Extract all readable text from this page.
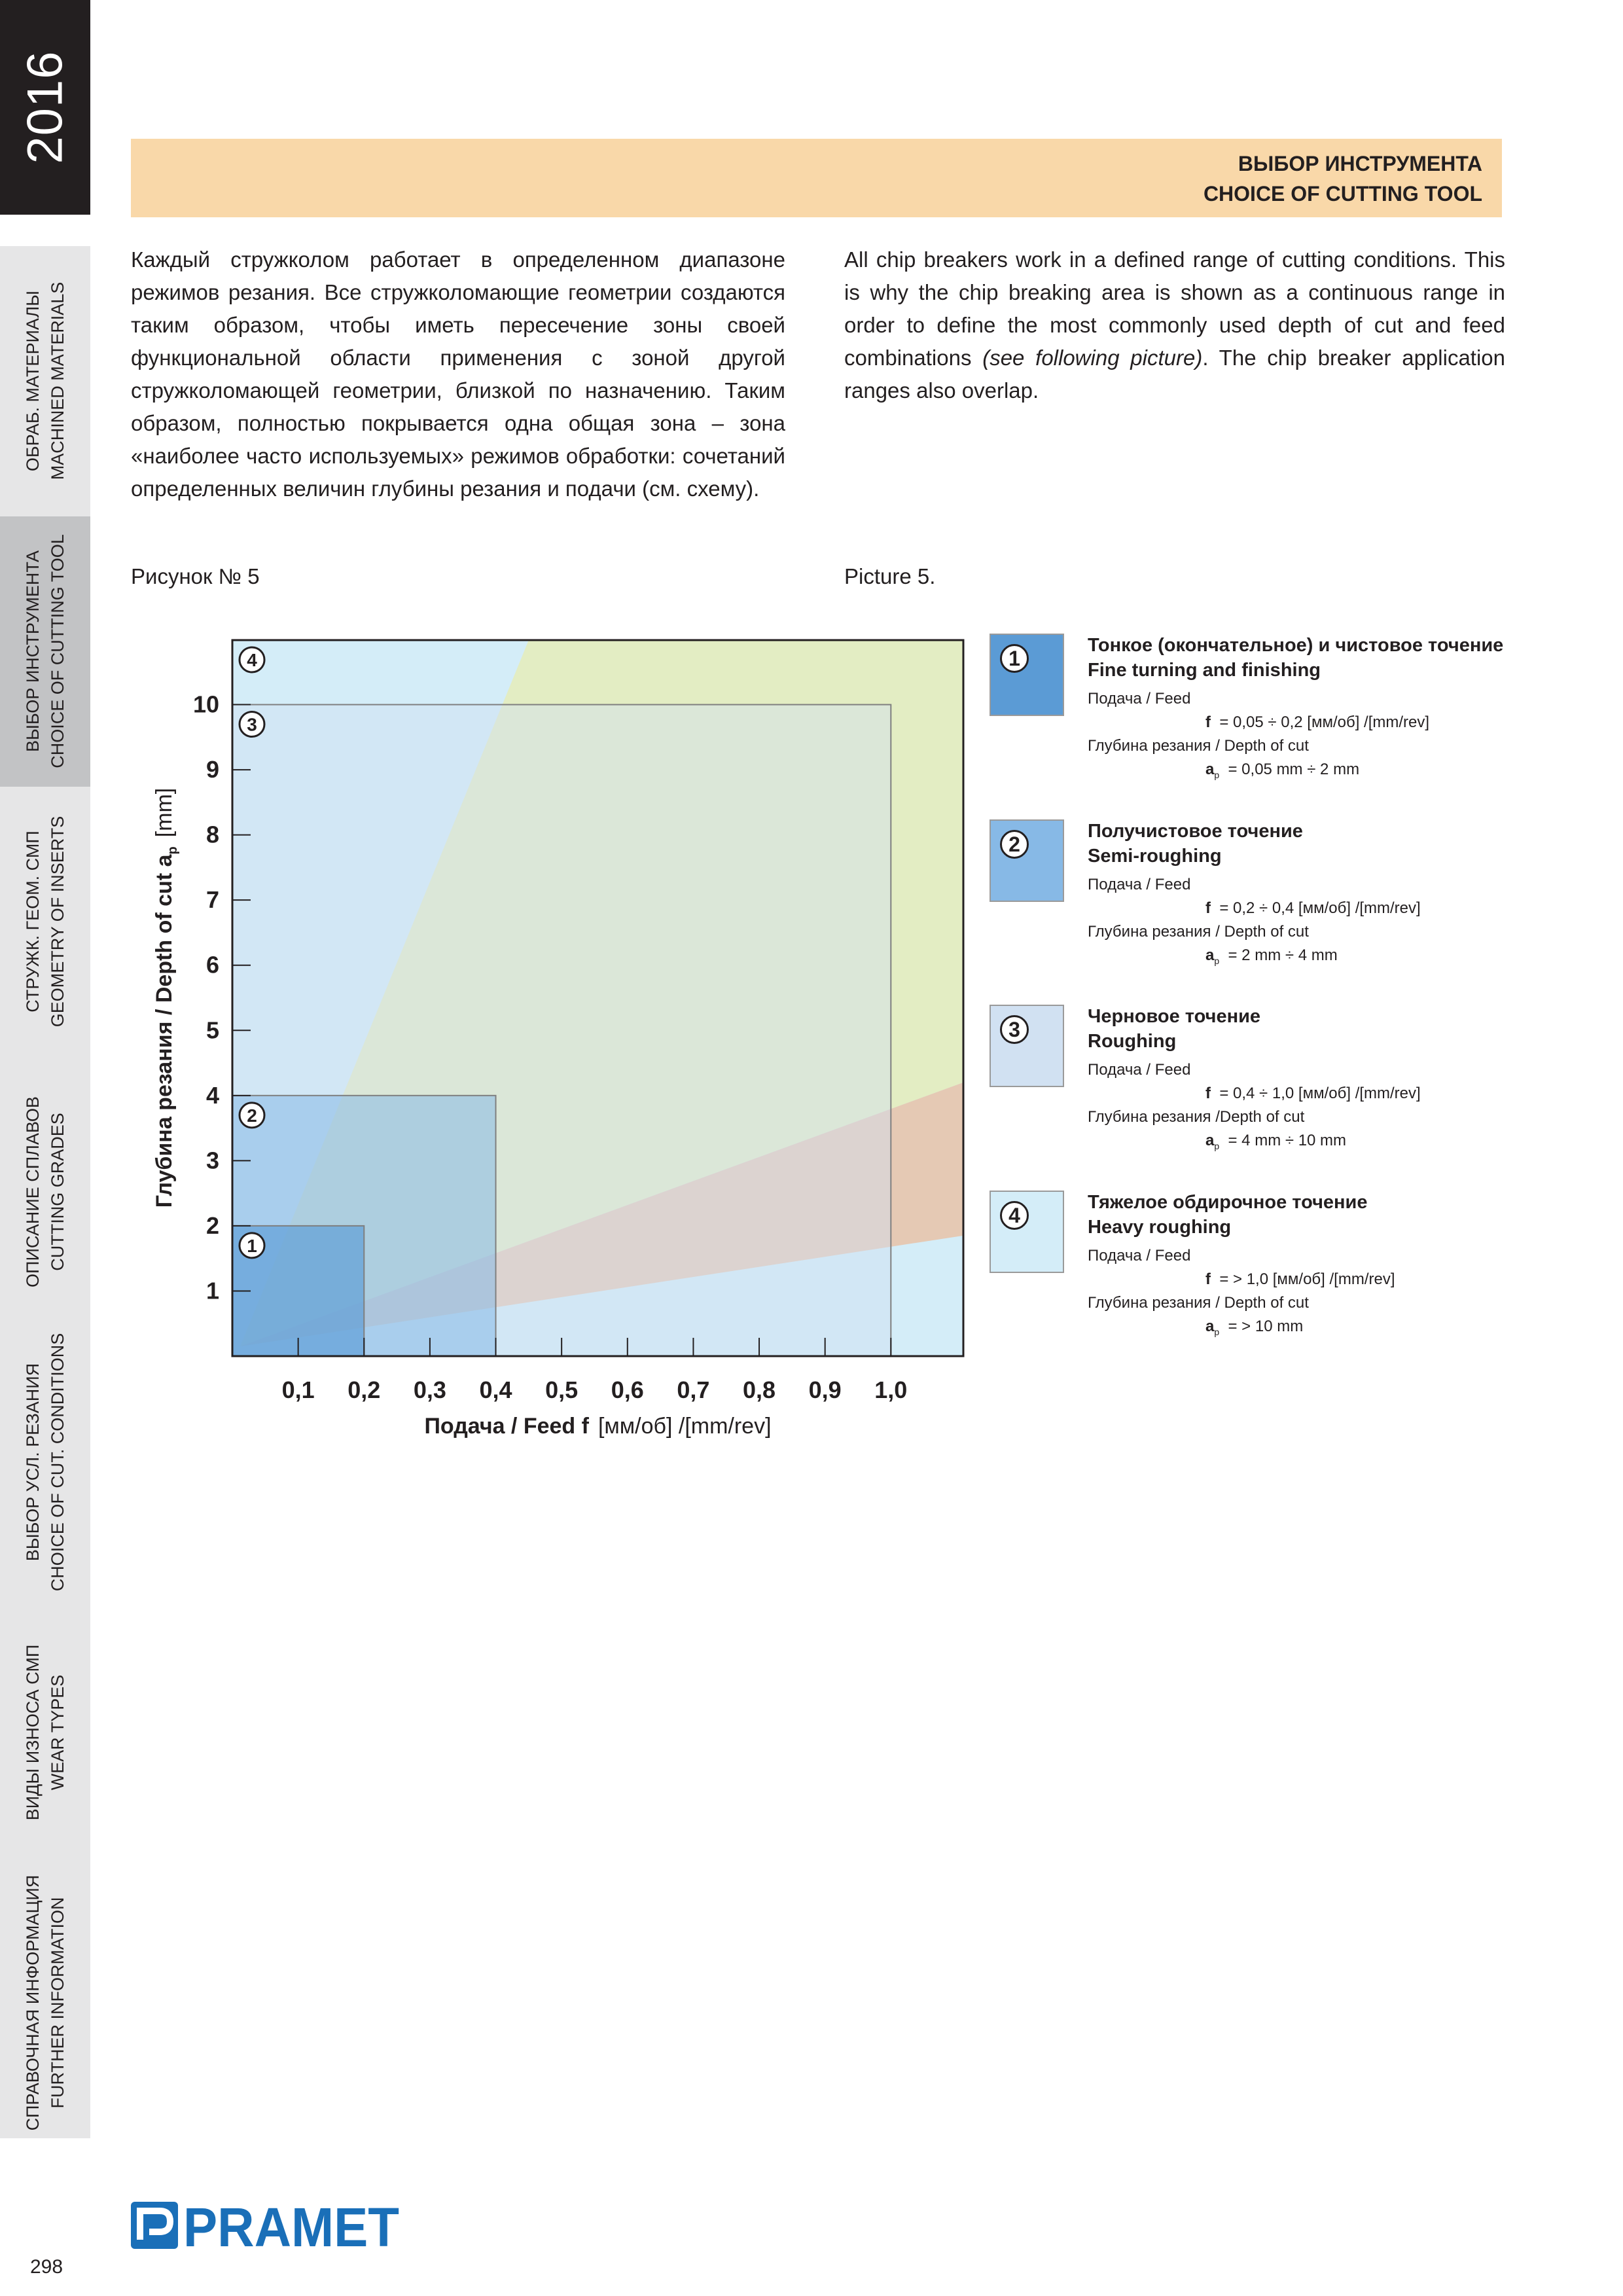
2016
ОБРАБ. МАТЕРИАЛЫ MACHINED MATERIALS
ВЫБОР ИНСТРУМЕНТА CHOICE OF CUTTING TOOL
СТРУЖК. ГЕОМ. СМП GEOMETRY OF INSERTS
ОПИСАНИЕ СПЛАВОВ CUTTING GRADES
ВЫБОР УСЛ. РЕЗАНИЯ CHOICE OF CUT. CONDITIONS
ВИДЫ ИЗНОСА СМП WEAR TYPES
СПРАВОЧНАЯ ИНФОРМАЦИЯ FURTHER INFORMATION
ВЫБОР ИНСТРУМЕНТА
CHOICE OF CUTTING TOOL
Каждый стружколом работает в определенном диапазоне режимов резания. Все стружколомающие геометрии создаются таким образом, чтобы иметь пересечение зоны своей функциональной области применения с зоной другой стружколомающей геометрии, близкой по назначению. Таким образом, полностью покрывается одна общая зона – зона «наиболее часто используемых» режимов обработки: сочетаний определенных величин глубины резания и подачи (см. схему).
All chip breakers work in a defined range of cutting conditions. This is why the chip breaking area is shown as a continuous range in order to define the most commonly used depth of cut and feed combinations (see following picture). The chip breaker application ranges also overlap.
Рисунок № 5	Picture 5.
4
3
2
1
1
2
3
4
5
6
7
8
9
10
0,1 0,2 0,3 0,4 0,5 0,6 0,7 0,8 0,9 1,0
Подача / Feed f [мм/об] /[mm/rev]
Глубина резания / Depth of cut $a_p[mm]$
1
Тонкое (окончательное) и чистовое точение
Fine turning and finishing
Подача / Feed
f = 0,05 ÷ 0,2 [мм/об] /[mm/rev]
Глубина резания / Depth of cut
$a_p = 0,05$ mm ÷ 2 mm
2
Получистовое точение
Semi-roughing
Подача / Feed
f = 0,2 ÷ 0,4 [мм/об] /[mm/rev]
Глубина резания / Depth of cut
$a_p = 2$ mm ÷ 4 mm
3
Черновое точение
Roughing
Подача / Feed
f = 0,4 ÷ 1,0 [мм/об] /[mm/rev]
Глубина резания /Depth of cut
$a_p = 4$ mm ÷ 10 mm
4
Тяжелое обдирочное точение
Heavy roughing
Подача / Feed
f = > 1,0 [мм/об] /[mm/rev]
Глубина резания / Depth of cut
$a_p$ = > 10 mm
PRAMET
298
